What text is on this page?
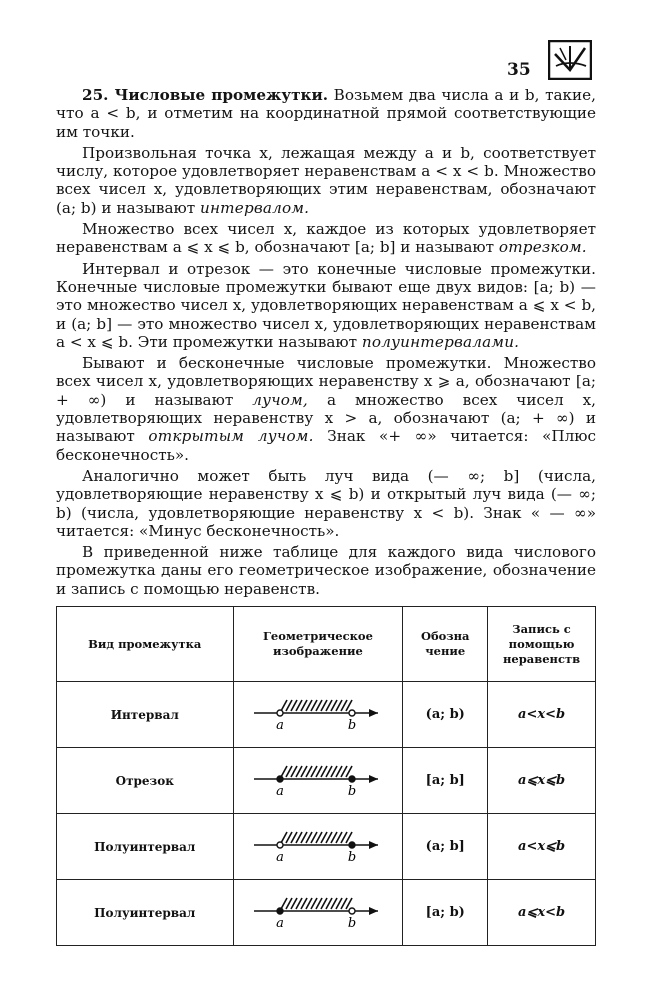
35

25. Числовые промежутки. Возьмем два числа a и b, такие, что a < b, и отметим на координатной прямой соответствующие им точки.

Произвольная точка x, лежащая между a и b, соответствует числу, которое удовлетворяет неравенствам a < x < b. Множество всех чисел x, удовлетворяющих этим неравенствам, обозначают (a; b) и называют интервалом.

Множество всех чисел x, каждое из которых удовлетворяет неравенствам a ⩽ x ⩽ b, обозначают [a; b] и называют отрезком.

Интервал и отрезок — это конечные числовые промежутки. Конечные числовые промежутки бывают еще двух видов: [a; b) — это множество чисел x, удовлетворяющих неравенствам a ⩽ x < b, и (a; b] — это множество чисел x, удовлетворяющих неравенствам a < x ⩽ b. Эти промежутки называют полуинтервалами.

Бывают и бесконечные числовые промежутки. Множество всех чисел x, удовлетворяющих неравенству x ⩾ a, обозначают [a; + ∞) и называют лучом, а множество всех чисел x, удовлетворяющих неравенству x > a, обозначают (a; + ∞) и называют открытым лучом. Знак «+ ∞» читается: «Плюс бесконечность».

Аналогично может быть луч вида (— ∞; b] (числа, удовлетворяющие неравенству x ⩽ b) и открытый луч вида (— ∞; b) (числа, удовлетворяющие неравенству x < b). Знак « — ∞» читается: «Минус бесконечность».

В приведенной ниже таблице для каждого вида числового промежутка даны его геометрическое изображение, обозначение и запись с помощью неравенств.

Вид промежутка	Геометрическое изображение	Обозначение	Запись с помощью неравенств

Интервал	a b	(a; b)	a<x<b
Отрезок	a b	[a; b]	a⩽x⩽b
Полуинтервал	a b	(a; b]	a<x⩽b
Полуинтервал	a b	[a; b)	a⩽x<b
